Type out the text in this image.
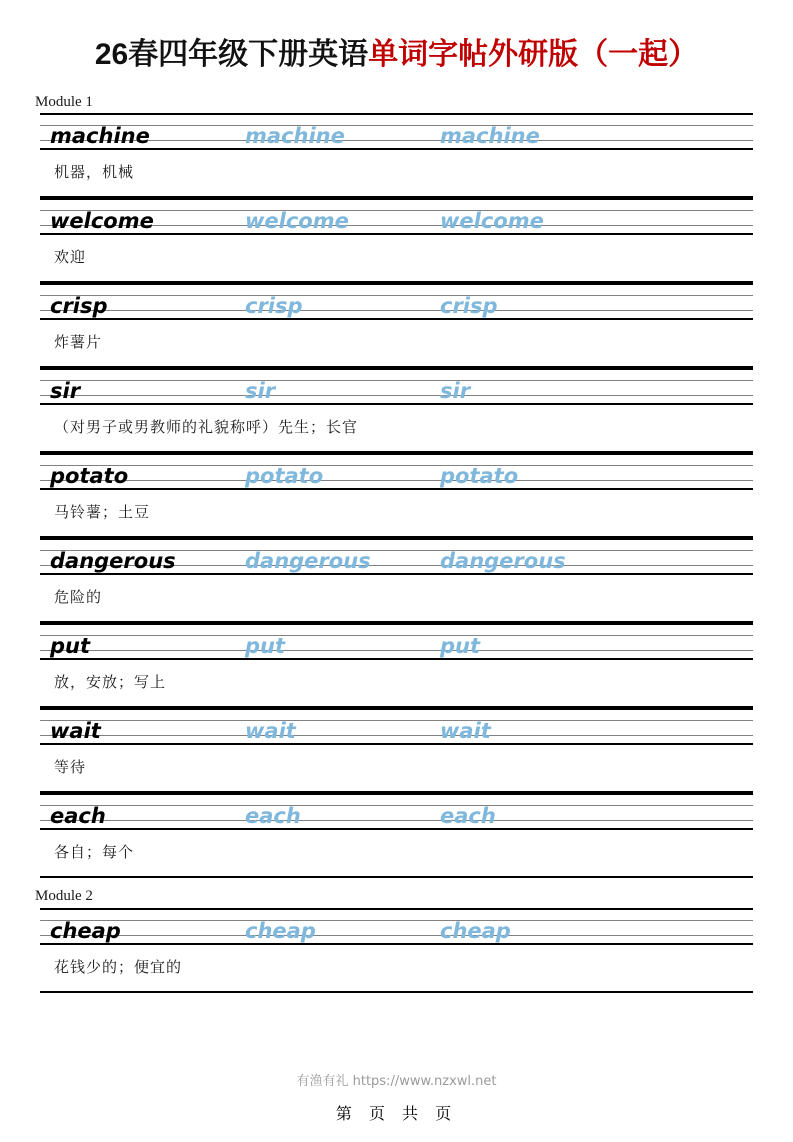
26春四年级下册英语单词字帖外研版（一起）
Module 1
machine	machine	machine
机器，机械
welcome	welcome	welcome
欢迎
crisp	crisp	crisp
炸薯片
sir	sir	sir
（对男子或男教师的礼貌称呼）先生；长官
potato	potato	potato
马铃薯；土豆
dangerous	dangerous	dangerous
危险的
put	put	put
放，安放；写上
wait	wait	wait
等待
each	each	each
各自；每个
Module 2
cheap	cheap	cheap
花钱少的；便宜的
有渔有礼 https://www.nzxwl.net
第 页 共 页
